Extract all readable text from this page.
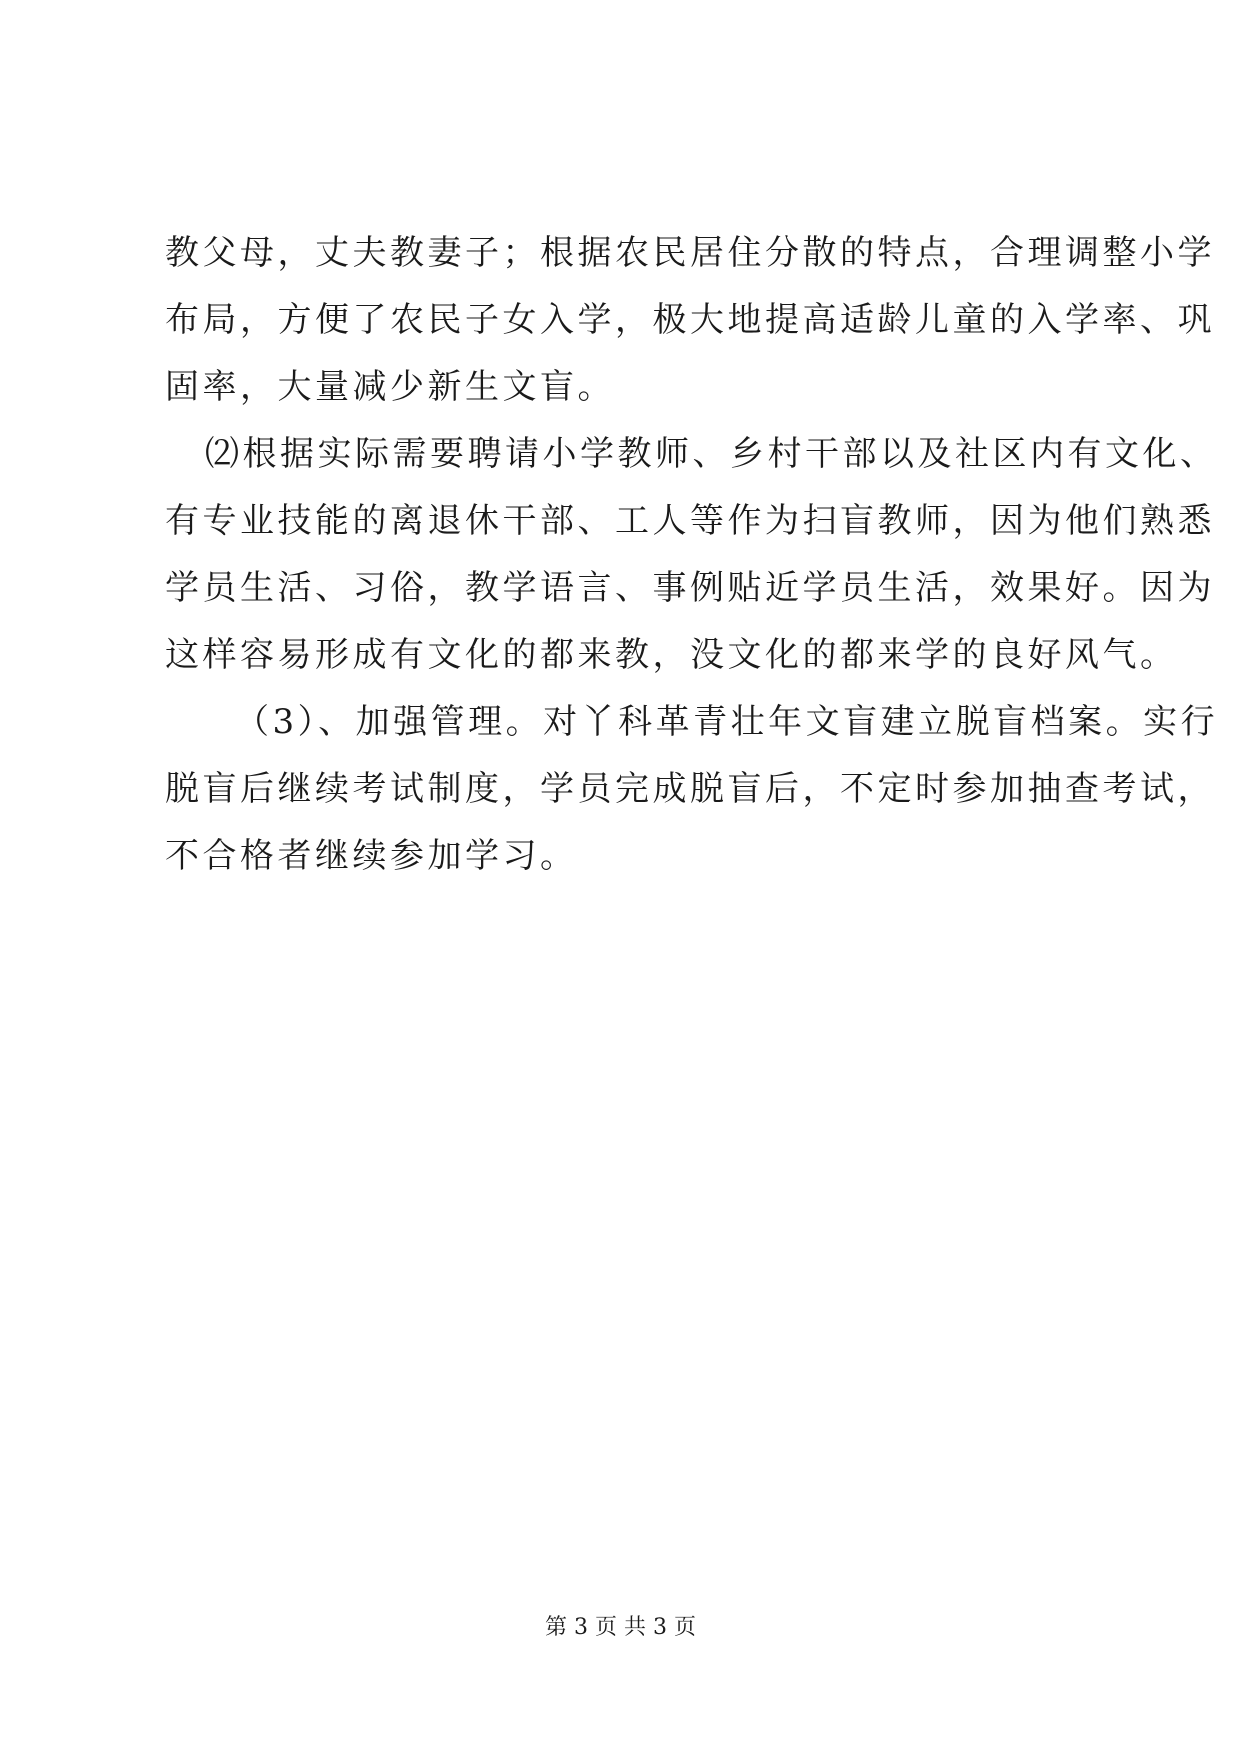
教父母，丈夫教妻子；根据农民居住分散的特点，合理调整小学
布局，方便了农民子女入学，极大地提高适龄儿童的入学率、巩
固率，大量减少新生文盲。
⑵根据实际需要聘请小学教师、乡村干部以及社区内有文化、
有专业技能的离退休干部、工人等作为扫盲教师，因为他们熟悉
学员生活、习俗，教学语言、事例贴近学员生活，效果好。因为
这样容易形成有文化的都来教，没文化的都来学的良好风气。
（3）、加强管理。对丫科革青壮年文盲建立脱盲档案。实行
脱盲后继续考试制度，学员完成脱盲后，不定时参加抽查考试，
不合格者继续参加学习。
第 3 页 共 3 页
